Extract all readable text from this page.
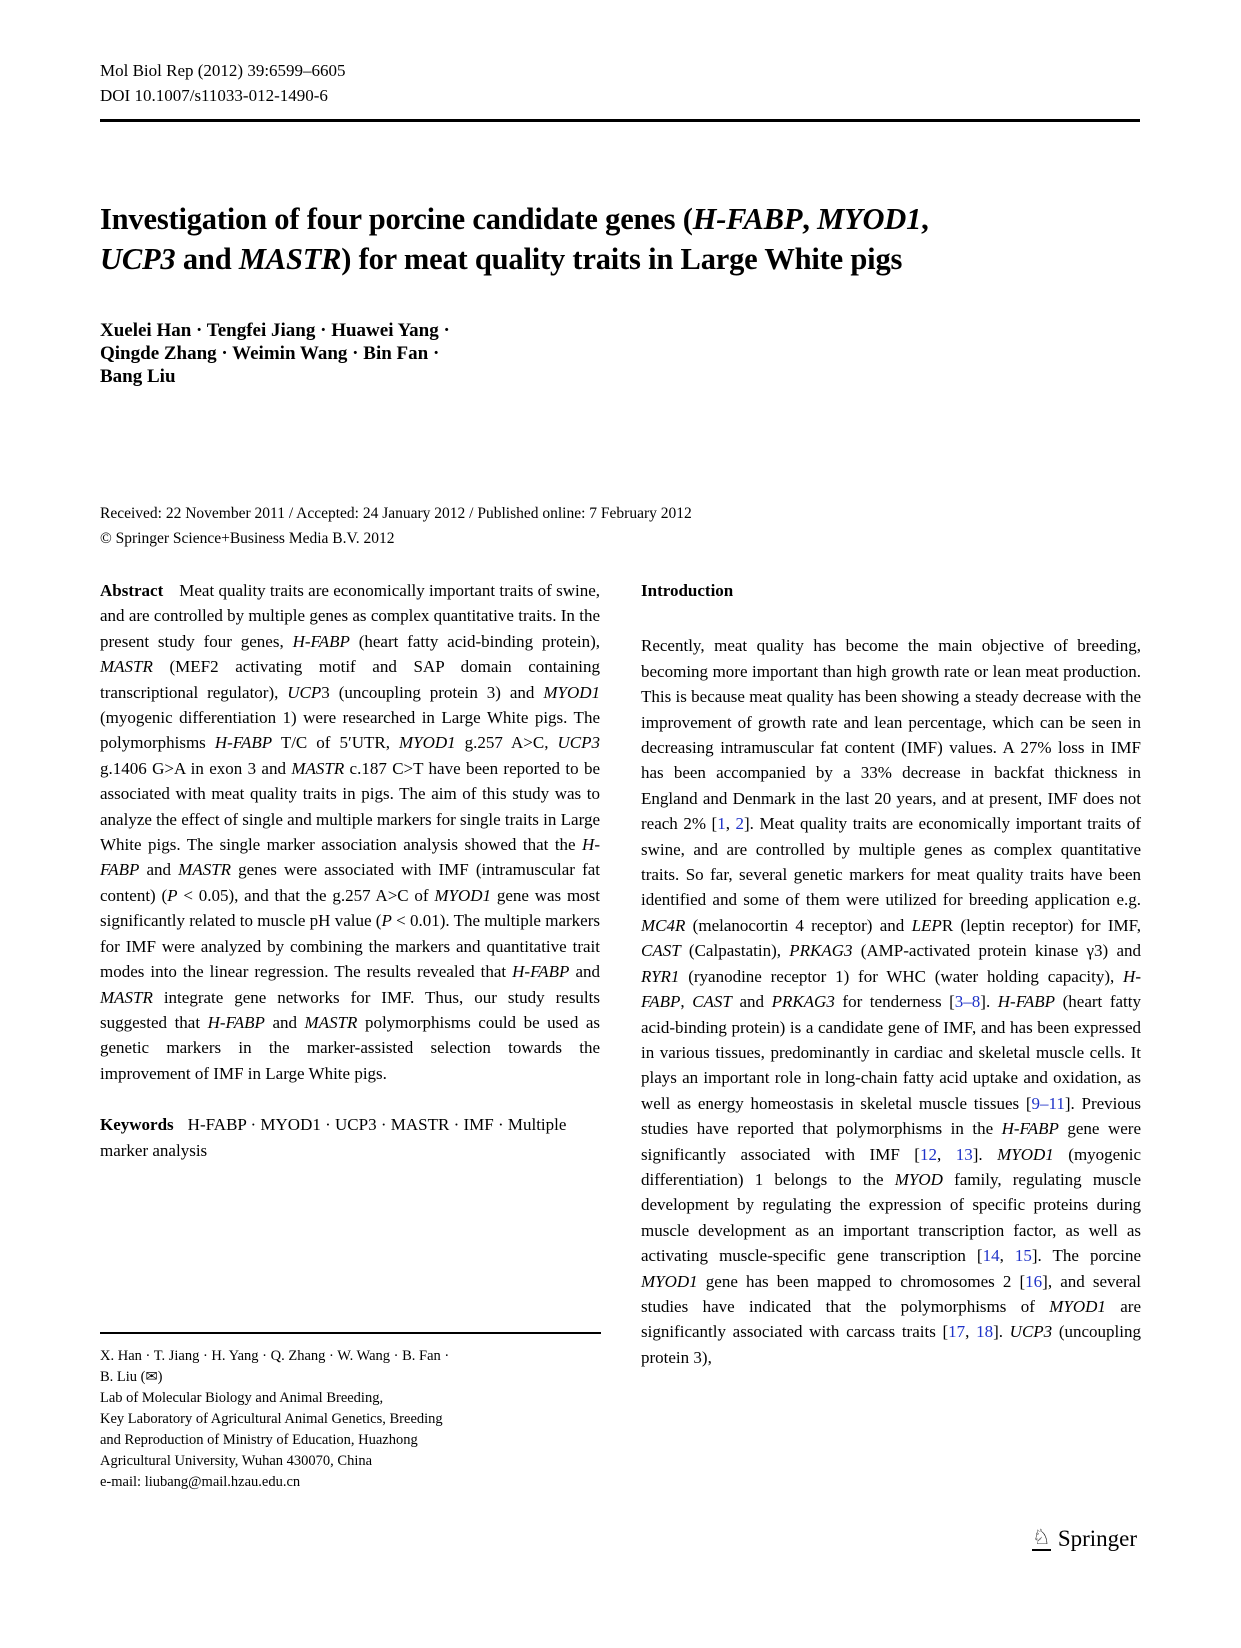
Mol Biol Rep (2012) 39:6599–6605
DOI 10.1007/s11033-012-1490-6
Investigation of four porcine candidate genes (H-FABP, MYOD1,
UCP3 and MASTR) for meat quality traits in Large White pigs
Xuelei Han · Tengfei Jiang · Huawei Yang ·
Qingde Zhang · Weimin Wang · Bin Fan ·
Bang Liu
Received: 22 November 2011 / Accepted: 24 January 2012 / Published online: 7 February 2012
© Springer Science+Business Media B.V. 2012

Abstract Meat quality traits are economically important traits of swine, and are controlled by multiple genes as complex quantitative traits. In the present study four genes, H-FABP (heart fatty acid-binding protein), MASTR (MEF2 activating motif and SAP domain containing transcriptional regulator), UCP3 (uncoupling protein 3) and MYOD1 (myogenic differentiation 1) were researched in Large White pigs. The polymorphisms H-FABP T/C of 5′UTR, MYOD1 g.257 A>C, UCP3 g.1406 G>A in exon 3 and MASTR c.187 C>T have been reported to be associated with meat quality traits in pigs. The aim of this study was to analyze the effect of single and multiple markers for single traits in Large White pigs. The single marker association analysis showed that the H-FABP and MASTR genes were associated with IMF (intramuscular fat content) (P < 0.05), and that the g.257 A>C of MYOD1 gene was most significantly related to muscle pH value (P < 0.01). The multiple markers for IMF were analyzed by combining the markers and quantitative trait modes into the linear regression. The results revealed that H-FABP and MASTR integrate gene networks for IMF. Thus, our study results suggested that H-FABP and MASTR polymorphisms could be used as genetic markers in the marker-assisted selection towards the improvement of IMF in Large White pigs.

Keywords H-FABP · MYOD1 · UCP3 · MASTR · IMF · Multiple marker analysis

Introduction

Recently, meat quality has become the main objective of breeding, becoming more important than high growth rate or lean meat production. This is because meat quality has been showing a steady decrease with the improvement of growth rate and lean percentage, which can be seen in decreasing intramuscular fat content (IMF) values. A 27% loss in IMF has been accompanied by a 33% decrease in backfat thickness in England and Denmark in the last 20 years, and at present, IMF does not reach 2% [1, 2]. Meat quality traits are economically important traits of swine, and are controlled by multiple genes as complex quantitative traits. So far, several genetic markers for meat quality traits have been identified and some of them were utilized for breeding application e.g. MC4R (melanocortin 4 receptor) and LEPR (leptin receptor) for IMF, CAST (Calpastatin), PRKAG3 (AMP-activated protein kinase γ3) and RYR1 (ryanodine receptor 1) for WHC (water holding capacity), H-FABP, CAST and PRKAG3 for tenderness [3–8]. H-FABP (heart fatty acid-binding protein) is a candidate gene of IMF, and has been expressed in various tissues, predominantly in cardiac and skeletal muscle cells. It plays an important role in long-chain fatty acid uptake and oxidation, as well as energy homeostasis in skeletal muscle tissues [9–11]. Previous studies have reported that polymorphisms in the H-FABP gene were significantly associated with IMF [12, 13]. MYOD1 (myogenic differentiation) 1 belongs to the MYOD family, regulating muscle development by regulating the expression of specific proteins during muscle development as an important transcription factor, as well as activating muscle-specific gene transcription [14, 15]. The porcine MYOD1 gene has been mapped to chromosomes 2 [16], and several studies have indicated that the polymorphisms of MYOD1 are significantly associated with carcass traits [17, 18]. UCP3 (uncoupling protein 3),

X. Han · T. Jiang · H. Yang · Q. Zhang · W. Wang · B. Fan ·
B. Liu (✉)
Lab of Molecular Biology and Animal Breeding,
Key Laboratory of Agricultural Animal Genetics, Breeding
and Reproduction of Ministry of Education, Huazhong
Agricultural University, Wuhan 430070, China
e-mail: liubang@mail.hzau.edu.cn
♘ Springer
